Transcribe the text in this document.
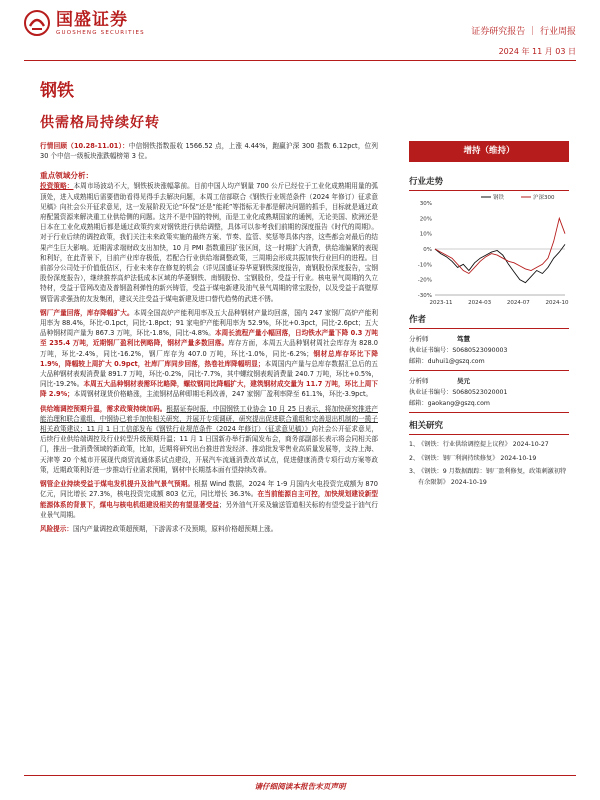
国盛证券
GUOSHENG SECURITIES	证券研究报告 ｜ 行业周报
2024 年 11 月 03 日
钢铁
供需格局持续好转

行情回顾（10.28-11.01）：中信钢铁指数报收 1566.52 点，上涨 4.44%，跑赢沪深 300 指数 6.12pct，位列 30 个中信一级板块涨跌幅榜第 3 位。

重点领域分析：

投资策略：本周市场波动不大，钢铁板块涨幅靠前。目前中国人均产钢量 700 公斤已经位于工业化成熟期用量的弧顶处，进入成熟期后需要借助看得见得手去解决问题，本周工信部联合《钢铁行业规范条件（2024 年修订）征求意见稿》向社会公开征求意见，这一发展阶段无论“环保”还是“能耗”等指标无非都是解决问题的抓手，目标就是通过政府配置资源来解决重工业供给侧的问题。这并不是中国的特例，而是工业化成熟期国家的通例，无论美国、欧洲还是日本在工业化成熟期后都是通过政策约束对钢铁进行供给调整，具体可以参考我们前期的深度报告《时代的周期》。对于行业后续的调控政策，我们关注未来政策实施的最终方案、节奏、监管、奖惩等具体内容，这些都会对最后的结果产生巨大影响。近期需求端财政支出加快，10 月 PMI 指数重回扩张区间，这一时期扩大消费，供给端偏紧的表现和利好，在此背景下，目前产业库存极低，若配合行业供给端调整政策，三周期会形成共振加快行业回归的进程。目前部分公司处于价值低估区，行业未来存在修复的机会（详见国盛证券华夏钢铁深度报告，南钢股份深度报告，宝钢股份深度报告），继续推荐高炉法低成本区域的华菱钢铁、南钢股份、宝钢股份，受益于行业。核电景气周期的久立特材，受益于管网改造及普钢盈利弹性的新兴铸管，受益于煤电新建及油气景气周期的常宝股份，以及受益于高壁厚钢管需求强劲的友发集团，建议关注受益于煤电新建及进口替代趋势的武进不锈。

钢厂产量回落，库存降幅扩大。本周全国高炉产能利用率及五大品种钢材产量均回落，国内 247 家钢厂高炉产能利用率为 88.4%，环比-0.1pct，同比-1.8pct；91 家电炉产能利用率为 52.9%，环比+0.3pct，同比-2.6pct；五大品种钢材周产量为 867.3 万吨，环比-1.8%，同比-4.8%。本周长流程产量小幅回落，日均铁水产量下降 0.3 万吨至 235.4 万吨，近期钢厂盈利比例略降，钢材产量多数回落。库存方面，本周五大品种钢材周社会库存为 828.0 万吨，环比-2.4%，同比-16.2%，钢厂库存为 407.0 万吨，环比-1.0%，同比-6.2%；钢材总库存环比下降 1.9%，降幅较上周扩大 0.9pct，社库厂库同步回落，热卷社库降幅明显；本周国内产量与总库存数据汇总后的五大品种钢材表观消费量 891.7 万吨，环比-0.2%，同比-7.7%，其中螺纹钢表观消费量 240.7 万吨，环比+0.5%，同比-19.2%。本周五大品种钢材表需环比略降，螺纹钢同比降幅扩大，建筑钢材成交量为 11.7 万吨，环比上周下降 2.9%；本周钢材现货价格略涨，主流钢材品种即期毛利改善，247 家钢厂盈利率降至 61.1%，环比-3.9pct。

供给端调控预期升温，需求政策持续加码。根据证券时报，中国钢铁工业协会 10 月 25 日表示，将加快研究推进产能治理和联合重组，中钢协已着手加快相关研究，并展开专项调研，研究提出促进联合重组和完善退出机制的一揽子相关政策建议；11 月 1 日工信部发布《钢铁行业规范条件（2024 年修订）（征求意见稿）》向社会公开征求意见，后续行业供给端调控及行业转型升级预期升温；11 月 1 日国新办举行新闻发布会，商务部副部长表示将会同相关部门，推出一批消费领域的新政策，比如，近期将研究出台推进首发经济、推动批发零售业高质量发展等，支持上海、天津等 20 个城市开展现代商贸流通体系试点建设，开展汽车流通消费改革试点，促进健康消费专项行动方案等政策，近期政策利好进一步推动行业需求预期，钢材中长期基本面有望持续改善。

钢管企业持续受益于煤电发机提升及油气景气预期。根据 Wind 数据，2024 年 1-9 月国内火电投资完成额为 870 亿元，同比增长 27.3%，核电投资完成额 803 亿元，同比增长 36.3%。在当前能源自主可控，加快规划建设新型能源体系的背景下，煤电与核电机组建设相关的有望显著受益；另外油气开采及输送管道相关标的有望受益于油气行业景气周期。

风险提示：国内产量调控政策超预期，下游需求不及预期，原料价格超预期上涨。

增持（维持）
行业走势
30%
20%
10%
0%
-10%
-20%
-30%
2023-11	2024-03	2024-07	2024-10
钢铁	沪深300
作者
分析师	笃慧
执业证书编号：S0680523090003
邮箱：duhui1@gszq.com
分析师	吴元
执业证书编号：S0680523020001
邮箱：gaokang@gszq.com
相关研究
1、
《钢铁：行业供给调控提上议程》 2024-10-27
2、
《钢铁：钢厂利润持续修复》 2024-10-19
3、
《钢铁：9 月数据跟踪：钢厂盈利修复，政策刺激初特有余限制》 2024-10-19
请仔细阅读本报告末页声明
